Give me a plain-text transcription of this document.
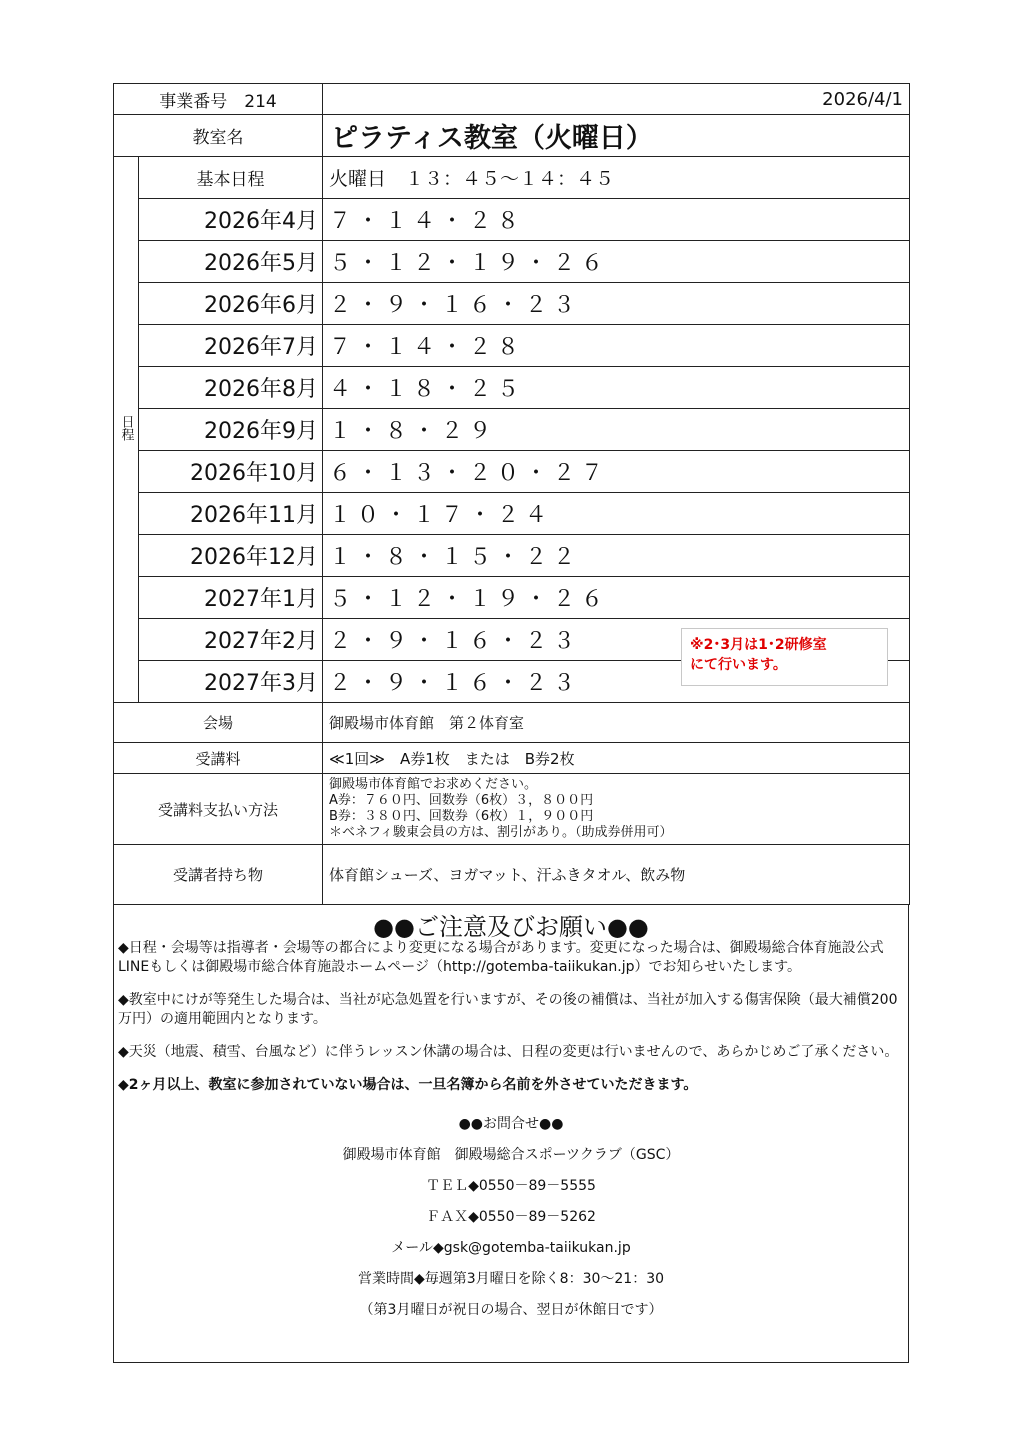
事業番号　214		2026/4/1
教室名		ピラティス教室（火曜日）
日程	基本日程	火曜日　１３：４５～１４：４５
	2026年4月	７・１４・２８
	2026年5月	５・１２・１９・２６
	2026年6月	２・９・１６・２３
	2026年7月	７・１４・２８
	2026年8月	４・１８・２５
	2026年9月	１・８・２９
	2026年10月	６・１３・２０・２７
	2026年11月	１０・１７・２４
	2026年12月	１・８・１５・２２
	2027年1月	５・１２・１９・２６
	2027年2月	２・９・１６・２３
	2027年3月	２・９・１６・２３
会場		御殿場市体育館　第２体育室
受講料		≪1回≫　A券1枚　または　B券2枚
受講料支払い方法		御殿場市体育館でお求めください。
A券：７６０円、回数券（6枚）３，８００円
B券：３８０円、回数券（6枚）１，９００円
＊ベネフィ駿東会員の方は、割引があり。（助成券併用可）

受講者持ち物		体育館シューズ、ヨガマット、汗ふきタオル、飲み物
●●ご注意及びお願い●●
◆日程・会場等は指導者・会場等の都合により変更になる場合があります。変更になった場合は、御殿場総合体育施設公式LINEもしくは御殿場市総合体育施設ホームページ（http://gotemba-taiikukan.jp）でお知らせいたします。
◆教室中にけが等発生した場合は、当社が応急処置を行いますが、その後の補償は、当社が加入する傷害保険（最大補償200万円）の適用範囲内となります。
◆天災（地震、積雪、台風など）に伴うレッスン休講の場合は、日程の変更は行いませんので、あらかじめご了承ください。
◆2ヶ月以上、教室に参加されていない場合は、一旦名簿から名前を外させていただきます。
●●お問合せ●●
御殿場市体育館　御殿場総合スポーツクラブ（GSC）
ＴＥＬ◆0550－89－5555
ＦＡＸ◆0550－89－5262
メール◆gsk@gotemba-taiikukan.jp
営業時間◆毎週第3月曜日を除く8：30～21：30
（第3月曜日が祝日の場合、翌日が休館日です）
※2･3月は1･2研修室
にて行います。
